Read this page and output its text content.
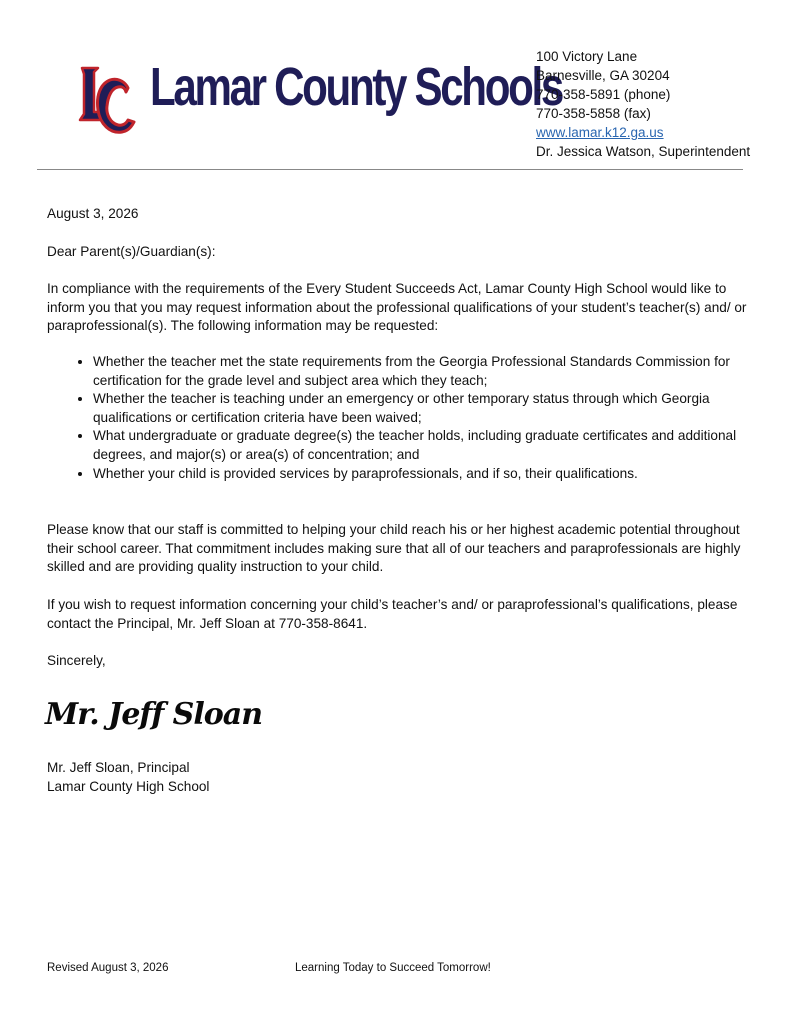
Lamar County Schools
100 Victory Lane
Barnesville, GA 30204
770-358-5891 (phone)
770-358-5858 (fax)
www.lamar.k12.ga.us
Dr. Jessica Watson, Superintendent

August 3, 2026

Dear Parent(s)/Guardian(s):

In compliance with the requirements of the Every Student Succeeds Act, Lamar County High School would like to inform you that you may request information about the professional qualifications of your student’s teacher(s) and/ or paraprofessional(s). The following information may be requested:

• Whether the teacher met the state requirements from the Georgia Professional Standards Commission for certification for the grade level and subject area which they teach;
• Whether the teacher is teaching under an emergency or other temporary status through which Georgia qualifications or certification criteria have been waived;
• What undergraduate or graduate degree(s) the teacher holds, including graduate certificates and additional degrees, and major(s) or area(s) of concentration; and
• Whether your child is provided services by paraprofessionals, and if so, their qualifications.

Please know that our staff is committed to helping your child reach his or her highest academic potential throughout their school career. That commitment includes making sure that all of our teachers and paraprofessionals are highly skilled and are providing quality instruction to your child.

If you wish to request information concerning your child’s teacher’s and/ or paraprofessional’s qualifications, please contact the Principal, Mr. Jeff Sloan at 770-358-8641.

Sincerely,

Mr. Jeff Sloan
Mr. Jeff Sloan, Principal
Lamar County High School
Revised August 3, 2026	Learning Today to Succeed Tomorrow!
